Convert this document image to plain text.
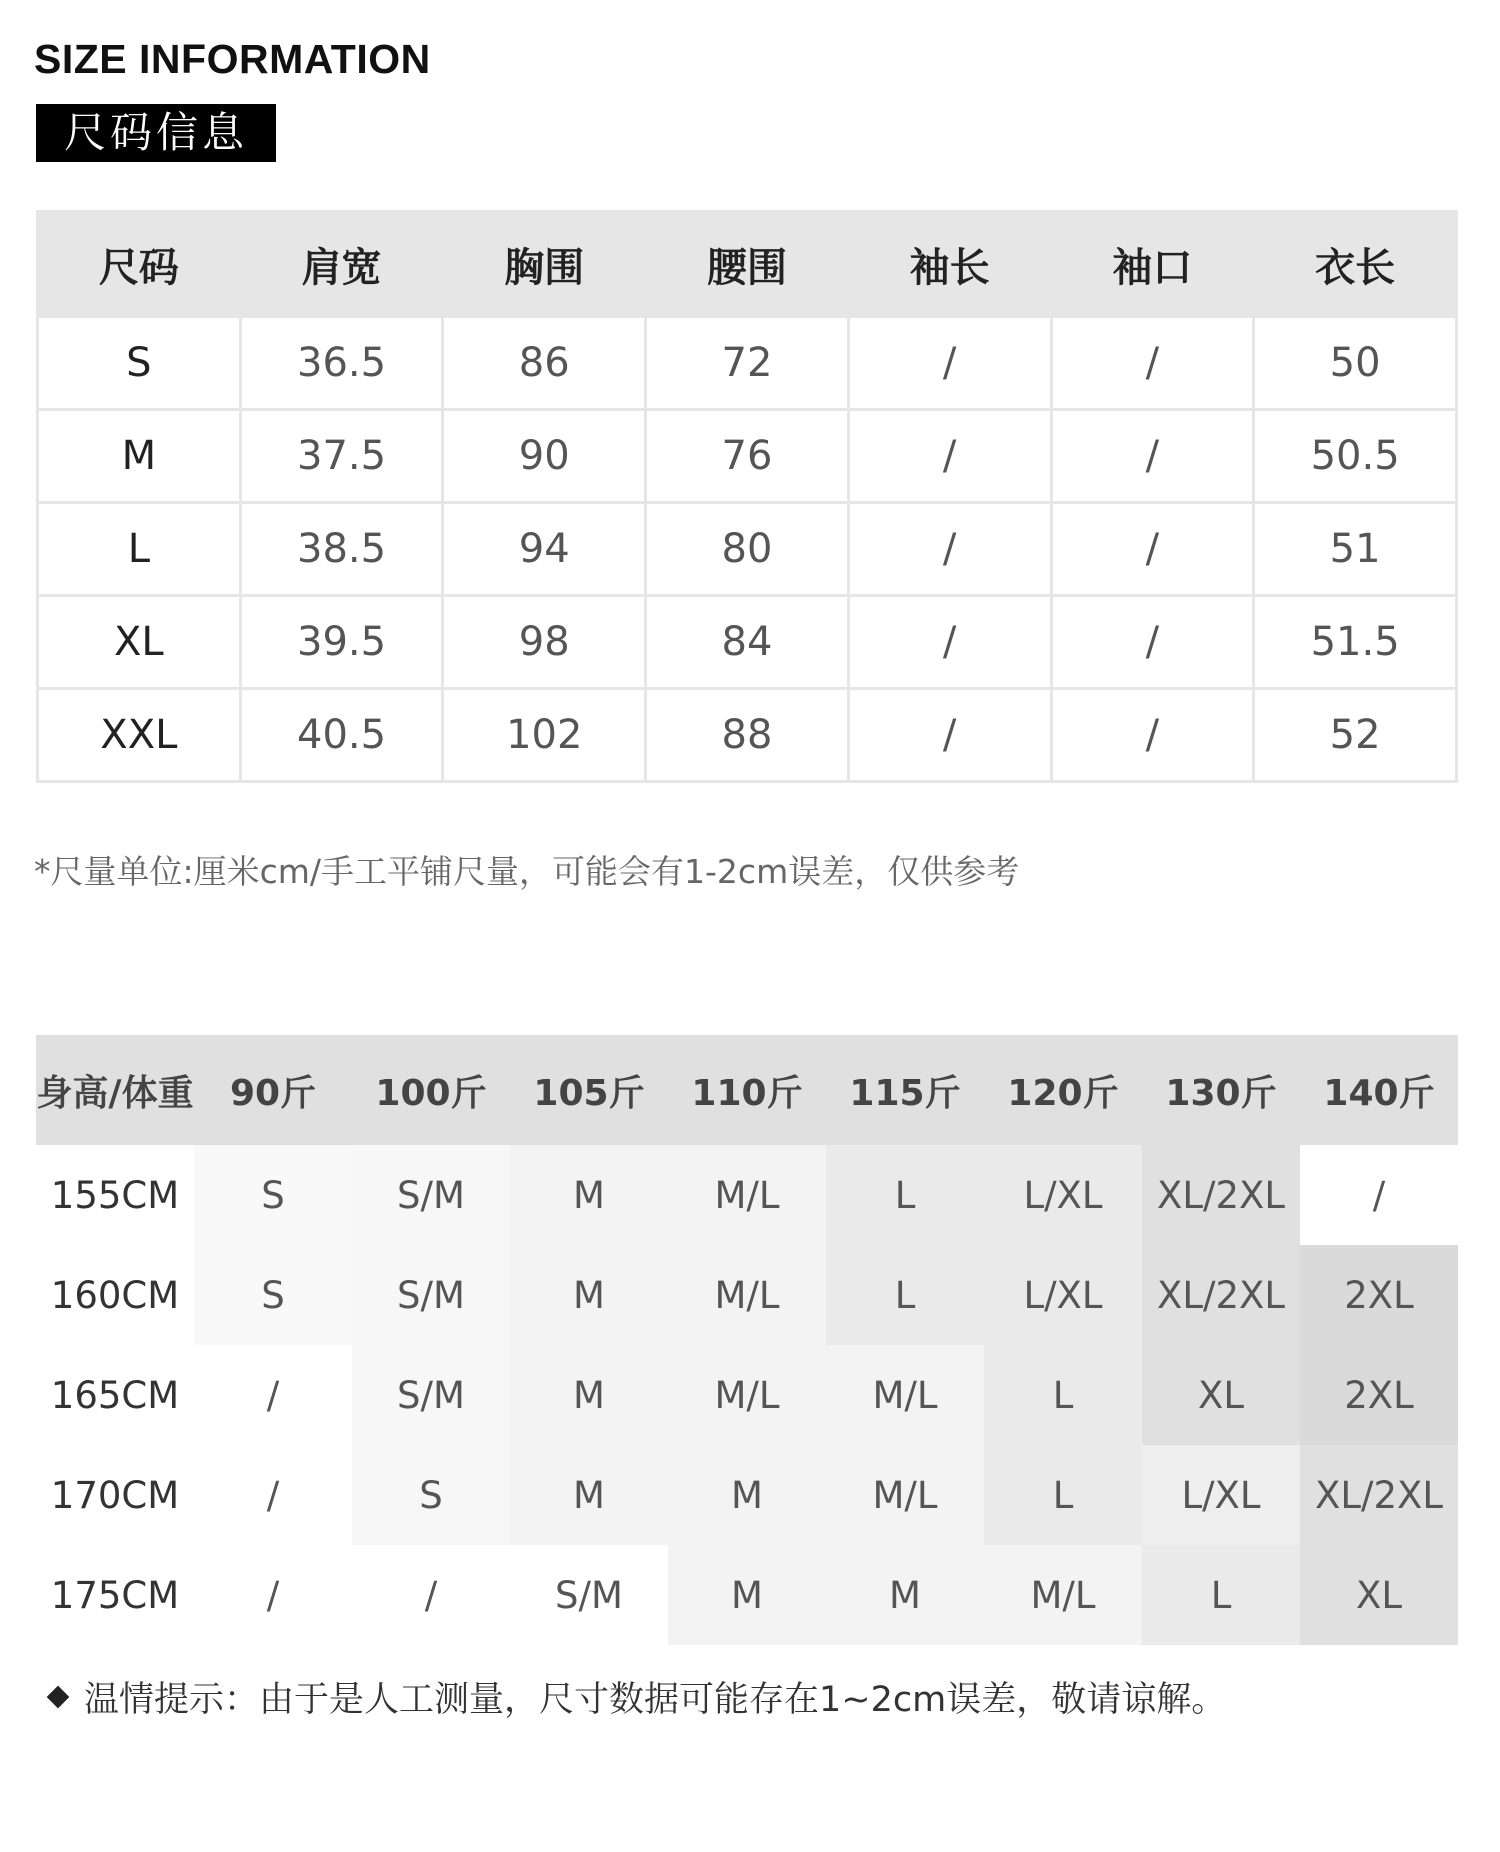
SIZE INFORMATION
尺码信息
尺码	肩宽	胸围	腰围	袖长	袖口	衣长
S	36.5	86	72	/	/	50
M	37.5	90	76	/	/	50.5
L	38.5	94	80	/	/	51
XL	39.5	98	84	/	/	51.5
XXL	40.5	102	88	/	/	52
*尺量单位:厘米cm/手工平铺尺量，可能会有1-2cm误差，仅供参考
身高/体重	90斤	100斤	105斤	110斤	115斤	120斤	130斤	140斤
155CM	S	S/M	M	M/L	L	L/XL	XL/2XL	/
160CM	S	S/M	M	M/L	L	L/XL	XL/2XL	2XL
165CM	/	S/M	M	M/L	M/L	L	XL	2XL
170CM	/	S	M	M	M/L	L	L/XL	XL/2XL
175CM	/	/	S/M	M	M	M/L	L	XL
温情提示：由于是人工测量，尺寸数据可能存在1~2cm误差，敬请谅解。
